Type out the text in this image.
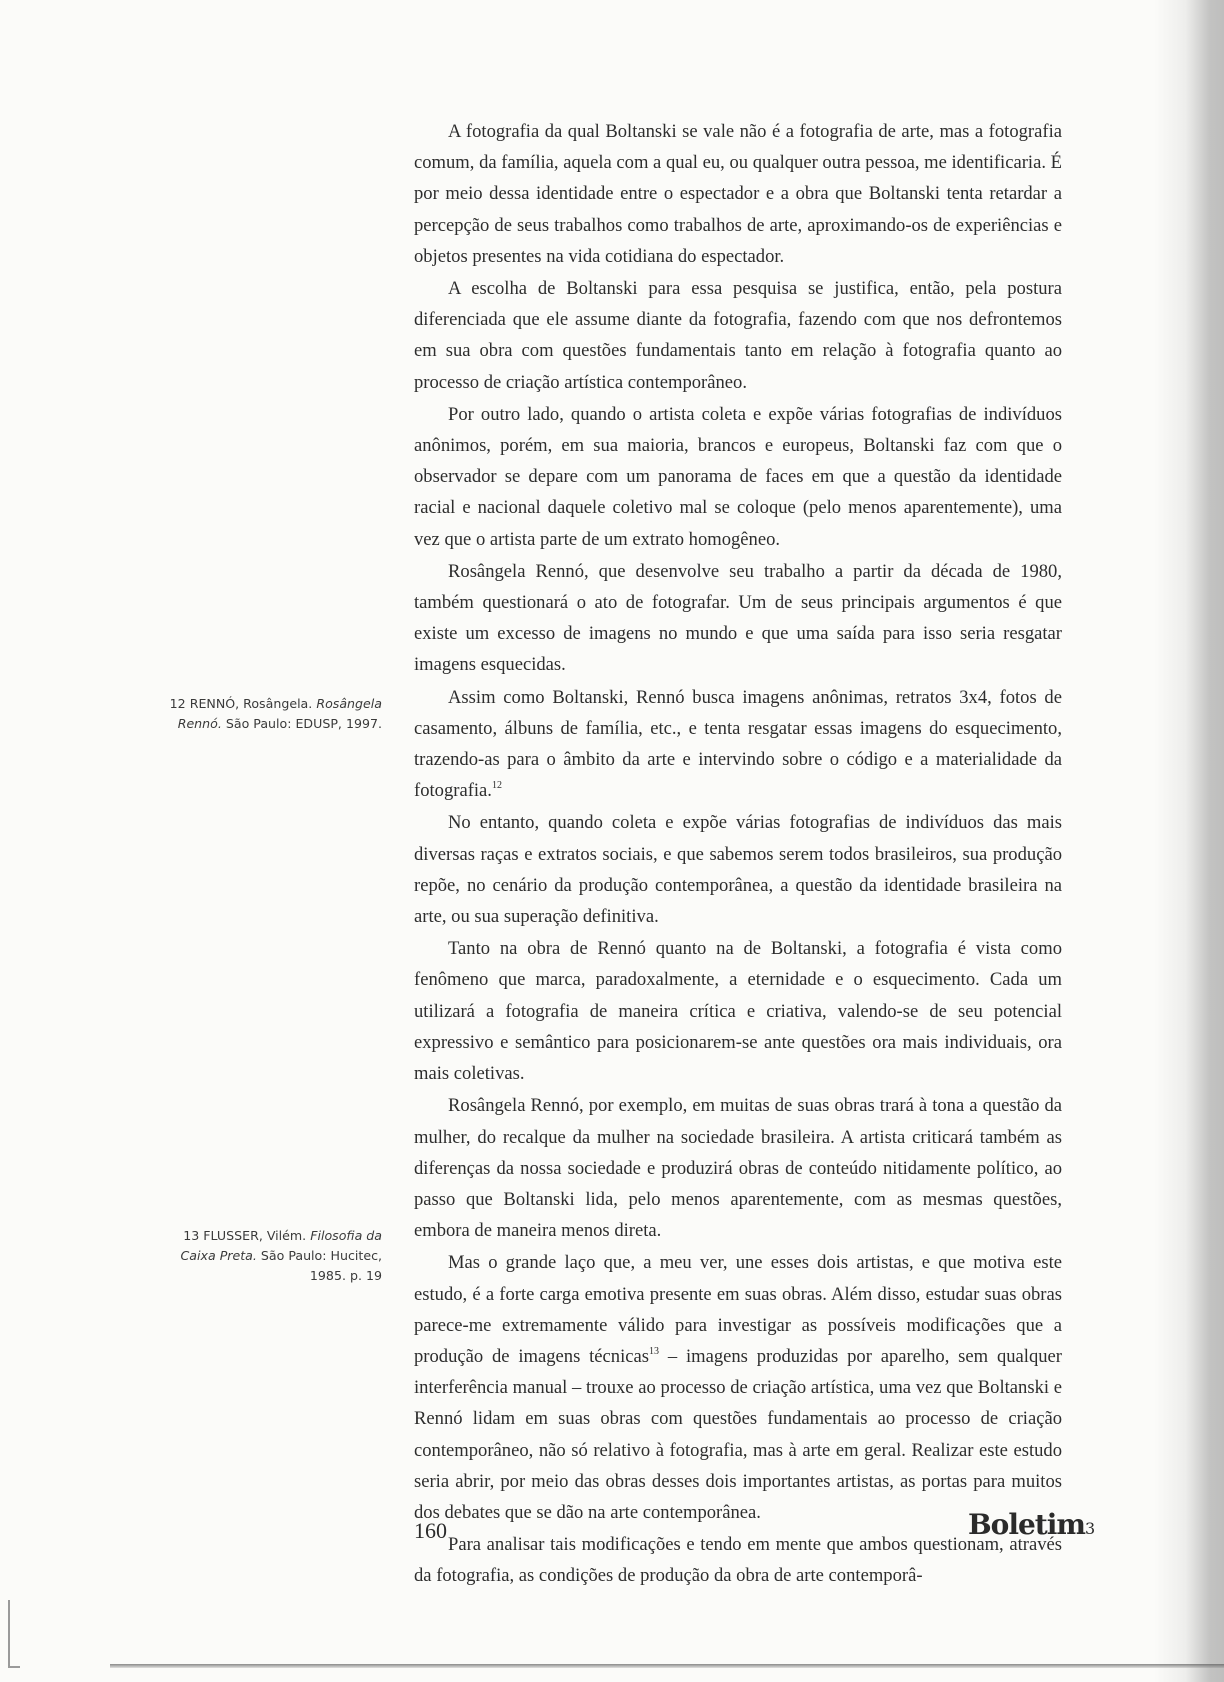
12 RENNÓ, Rosângela. Rosângela Rennó. São Paulo: EDUSP, 1997.
13 FLUSSER, Vilém. Filosofia da Caixa Preta. São Paulo: Hucitec, 1985. p. 19

A fotografia da qual Boltanski se vale não é a fotografia de arte, mas a fotografia comum, da família, aquela com a qual eu, ou qualquer outra pessoa, me identificaria. É por meio dessa identidade entre o espectador e a obra que Boltanski tenta retardar a percepção de seus trabalhos como trabalhos de arte, aproximando-os de experiências e objetos presentes na vida cotidiana do espectador.

A escolha de Boltanski para essa pesquisa se justifica, então, pela postura diferenciada que ele assume diante da fotografia, fazendo com que nos defrontemos em sua obra com questões fundamentais tanto em relação à fotografia quanto ao processo de criação artística contemporâneo.

Por outro lado, quando o artista coleta e expõe várias fotografias de indivíduos anônimos, porém, em sua maioria, brancos e europeus, Boltanski faz com que o observador se depare com um panorama de faces em que a questão da identidade racial e nacional daquele coletivo mal se coloque (pelo menos aparentemente), uma vez que o artista parte de um extrato homogêneo.

Rosângela Rennó, que desenvolve seu trabalho a partir da década de 1980, também questionará o ato de fotografar. Um de seus principais argumentos é que existe um excesso de imagens no mundo e que uma saída para isso seria resgatar imagens esquecidas.

Assim como Boltanski, Rennó busca imagens anônimas, retratos 3x4, fotos de casamento, álbuns de família, etc., e tenta resgatar essas imagens do esquecimento, trazendo-as para o âmbito da arte e intervindo sobre o código e a materialidade da fotografia.$^{12}$

No entanto, quando coleta e expõe várias fotografias de indivíduos das mais diversas raças e extratos sociais, e que sabemos serem todos brasileiros, sua produção repõe, no cenário da produção contemporânea, a questão da identidade brasileira na arte, ou sua superação definitiva.

Tanto na obra de Rennó quanto na de Boltanski, a fotografia é vista como fenômeno que marca, paradoxalmente, a eternidade e o esquecimento. Cada um utilizará a fotografia de maneira crítica e criativa, valendo-se de seu potencial expressivo e semântico para posicionarem-se ante questões ora mais individuais, ora mais coletivas.

Rosângela Rennó, por exemplo, em muitas de suas obras trará à tona a questão da mulher, do recalque da mulher na sociedade brasileira. A artista criticará também as diferenças da nossa sociedade e produzirá obras de conteúdo nitidamente político, ao passo que Boltanski lida, pelo menos aparentemente, com as mesmas questões, embora de maneira menos direta.

Mas o grande laço que, a meu ver, une esses dois artistas, e que motiva este estudo, é a forte carga emotiva presente em suas obras. Além disso, estudar suas obras parece-me extremamente válido para investigar as possíveis modificações que a produção de imagens técnicas$^{13}$ – imagens produzidas por aparelho, sem qualquer interferência manual – trouxe ao processo de criação artística, uma vez que Boltanski e Rennó lidam em suas obras com questões fundamentais ao processo de criação contemporâneo, não só relativo à fotografia, mas à arte em geral. Realizar este estudo seria abrir, por meio das obras desses dois importantes artistas, as portas para muitos dos debates que se dão na arte contemporânea.

Para analisar tais modificações e tendo em mente que ambos questionam, através da fotografia, as condições de produção da obra de arte contemporâ-

160	Boletim3
